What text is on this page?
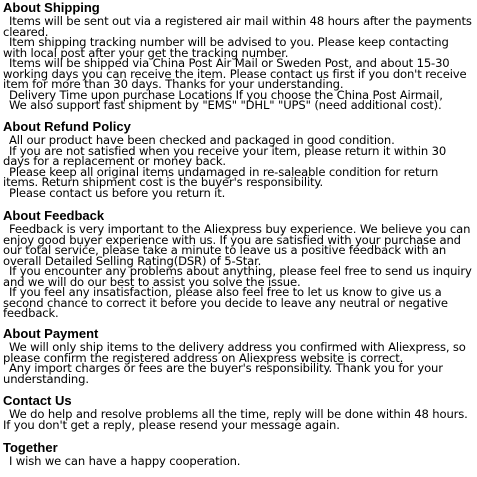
About Shipping

Items will be sent out via a registered air mail within 48 hours after the payments cleared.

Item shipping tracking number will be advised to you. Please keep contacting with local post after your get the tracking number.

Items will be shipped via China Post Air Mail or Sweden Post, and about 15-30 working days you can receive the item. Please contact us first if you don't receive item for more than 30 days. Thanks for your understanding.

Delivery Time upon purchase Locations If you choose the China Post Airmail,

We also support fast shipment by "EMS" "DHL" "UPS" (need additional cost).

About Refund Policy

All our product have been checked and packaged in good condition.

If you are not satisfied when you receive your item, please return it within 30 days for a replacement or money back.

Please keep all original items undamaged in re-saleable condition for return items. Return shipment cost is the buyer's responsibility.

Please contact us before you return it.

About Feedback

Feedback is very important to the Aliexpress buy experience. We believe you can enjoy good buyer experience with us. If you are satisfied with your purchase and our total service, please take a minute to leave us a positive feedback with an overall Detailed Selling Rating(DSR) of 5-Star.

If you encounter any problems about anything, please feel free to send us inquiry and we will do our best to assist you solve the issue.

If you feel any insatisfaction, please also feel free to let us know to give us a second chance to correct it before you decide to leave any neutral or negative feedback.

About Payment

We will only ship items to the delivery address you confirmed with Aliexpress, so please confirm the registered address on Aliexpress website is correct.

Any import charges or fees are the buyer's responsibility. Thank you for your understanding.

Contact Us

We do help and resolve problems all the time, reply will be done within 48 hours. If you don't get a reply, please resend your message again.

Together

I wish we can have a happy cooperation.
